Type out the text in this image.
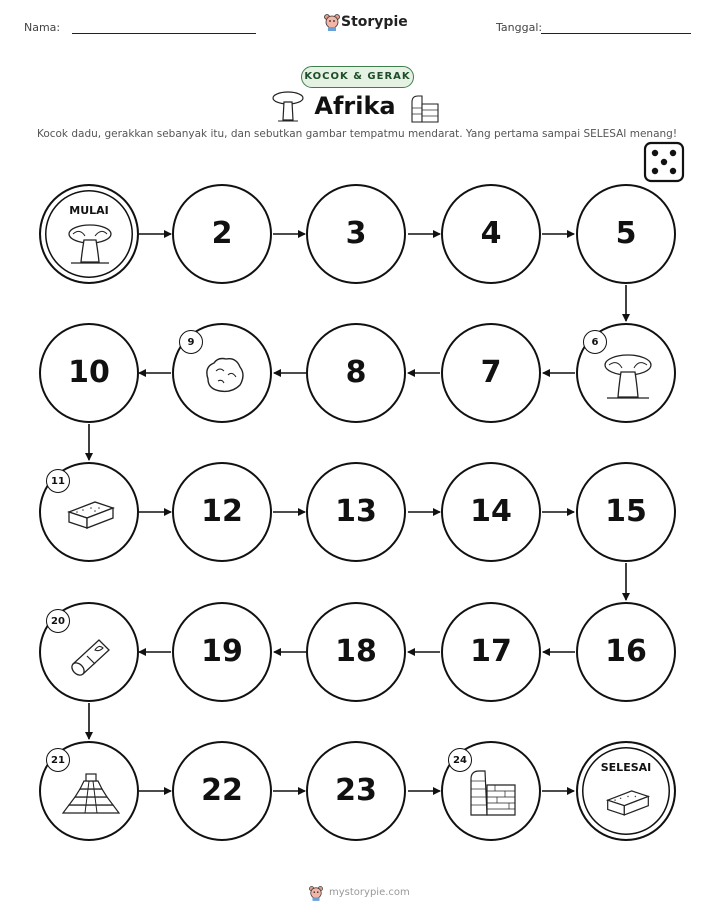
Nama:	Storypie	Tanggal:
KOCOK & GERAK
Afrika
Kocok dadu, gerakkan sebanyak itu, dan sebutkan gambar tempatmu mendarat. Yang pertama sampai SELESAI menang!
MULAI
2	3	4	5
10
9
8	7
6
11
12	13	14	15
20
19	18	17	16
21
22	23
24
SELESAI
mystorypie.com
